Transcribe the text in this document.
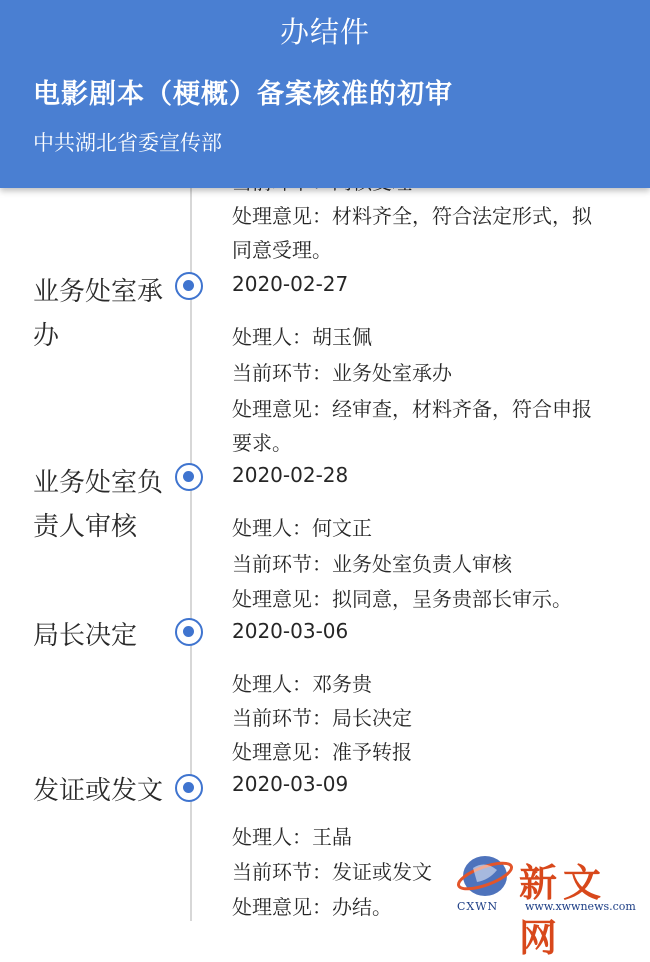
办结件
电影剧本（梗概）备案核准的初审
中共湖北省委宣传部
处理意见：材料齐全，符合法定形式，拟
同意受理。
业务处室承办
2020-02-27
处理人：胡玉佩
当前环节：业务处室承办
处理意见：经审查，材料齐备，符合申报
要求。
业务处室负责人审核
2020-02-28
处理人：何文正
当前环节：业务处室负责人审核
处理意见：拟同意，呈务贵部长审示。
局长决定	2020-03-06
处理人：邓务贵
当前环节：局长决定
处理意见：准予转报
发证或发文	2020-03-09
处理人：王晶
当前环节：发证或发文
处理意见：办结。
新文网
CXWN www.xwwnews.com
